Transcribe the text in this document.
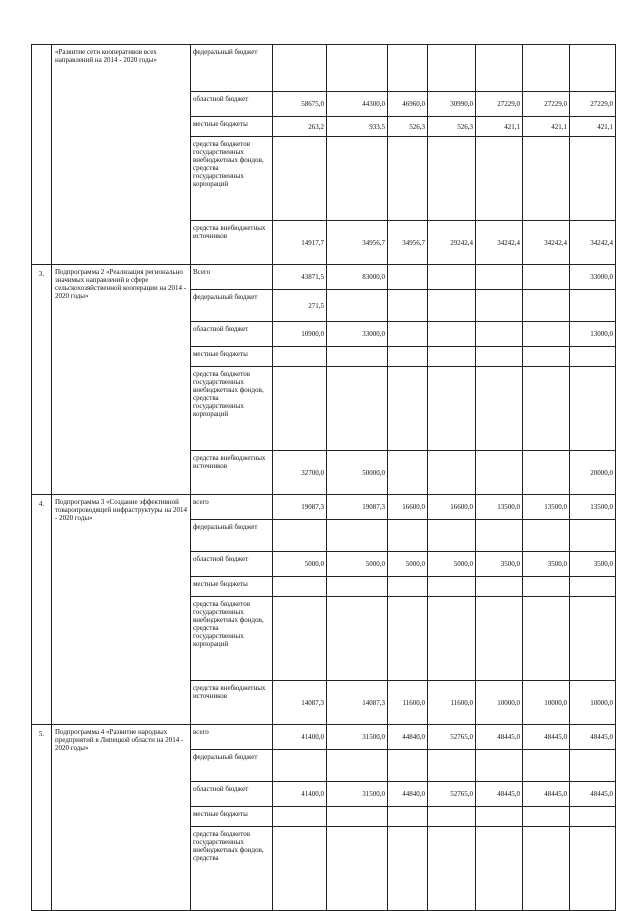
	«Развитие сети кооперативов всех направлений на 2014 - 2020 годы»	федеральный бюджет							
		областной бюджет	58675,0	44300,0	46960,0	30990,0	27229,0	27229,0	27229,0
		местные бюджеты	263,2	933,5	526,3	526,3	421,1	421,1	421,1
		средства бюджетов государственных внебюджетных фондов, средства государственных корпораций							
		средства внебюджетных источников	14917,7	34956,7	34956,7	29242,4	34242,4	34242,4	34242,4
3.	Подпрограмма 2 «Реализация регионально значимых направлений в сфере сельскохозяйственной кооперации на 2014 - 2020 годы»	Всего	43871,5	83000,0					33000,0
		федеральный бюджет	271,5						
		областной бюджет	10900,0	33000,0					13000,0
		местные бюджеты							
		средства бюджетов государственных внебюджетных фондов, средства государственных корпораций							
		средства внебюджетных источников	32700,0	50000,0					20000,0
4.	Подпрограмма 3 «Создание эффективной товаропроводящей инфраструктуры на 2014 - 2020 годы»	всего	19087,3	19087,3	16600,0	16600,0	13500,0	13500,0	13500,0
		федеральный бюджет							
		областной бюджет	5000,0	5000,0	5000,0	5000,0	3500,0	3500,0	3500,0
		местные бюджеты							
		средства бюджетов государственных внебюджетных фондов, средства государственных корпораций							
		средства внебюджетных источников	14087,3	14087,3	11600,0	11600,0	10000,0	10000,0	10000,0
5.	Подпрограмма 4 «Развитие народных предприятий в Липецкой области на 2014 - 2020 годы»	всего	41400,0	31500,0	44840,0	52765,0	48445,0	48445,0	48445,0
		федеральный бюджет							
		областной бюджет	41400,0	31500,0	44840,0	52765,0	48445,0	48445,0	48445,0
		местные бюджеты							
		средства бюджетов государственных внебюджетных фондов, средства							
